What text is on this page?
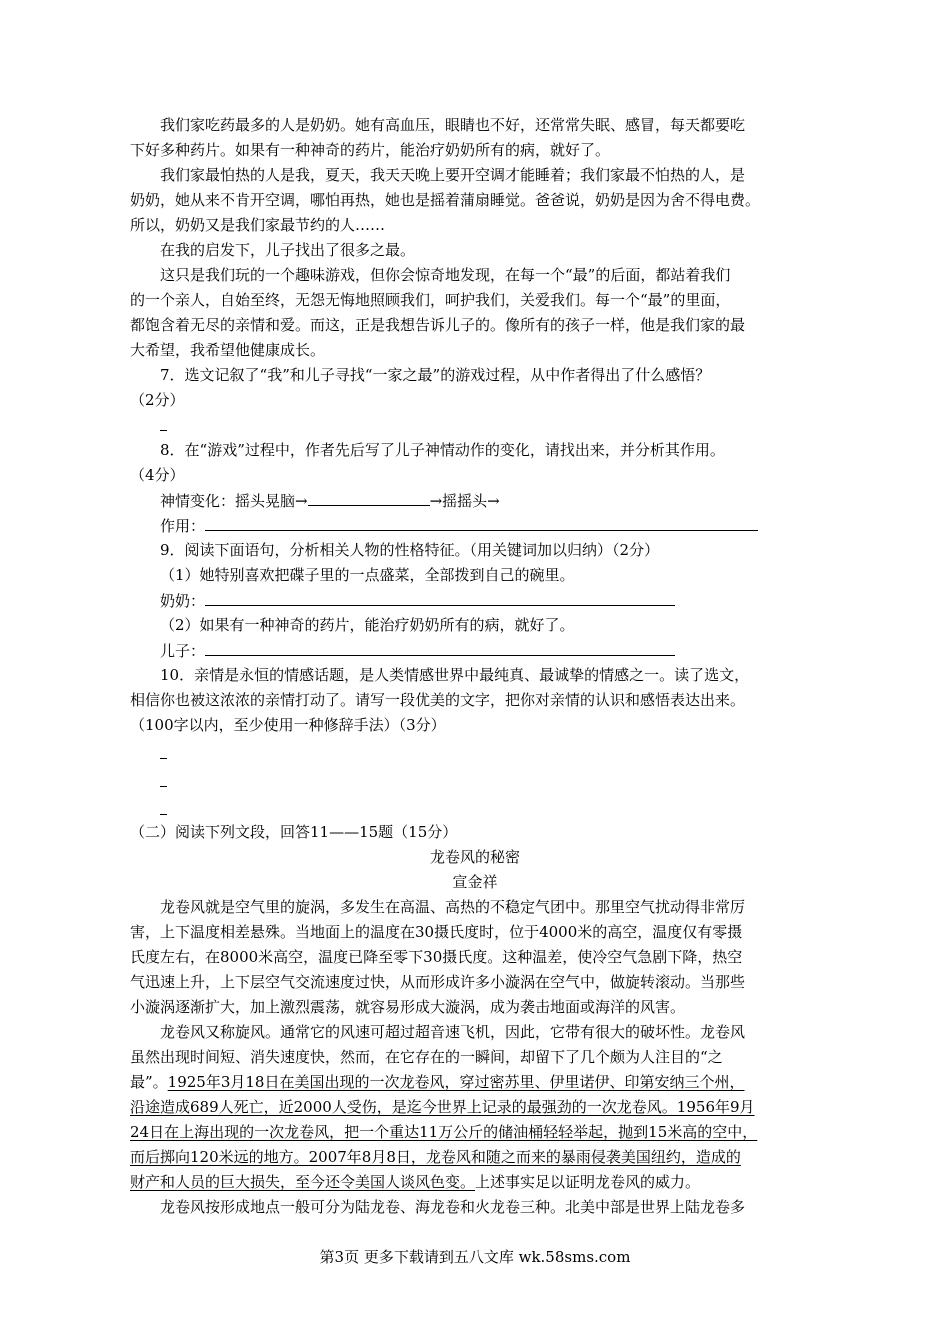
我们家吃药最多的人是奶奶。她有高血压，眼睛也不好，还常常失眠、感冒，每天都要吃
下好多种药片。如果有一种神奇的药片，能治疗奶奶所有的病，就好了。
我们家最怕热的人是我，夏天，我天天晚上要开空调才能睡着；我们家最不怕热的人，是
奶奶，她从来不肯开空调，哪怕再热，她也是摇着蒲扇睡觉。爸爸说，奶奶是因为舍不得电费。
所以，奶奶又是我们家最节约的人……
在我的启发下，儿子找出了很多之最。
这只是我们玩的一个趣味游戏，但你会惊奇地发现，在每一个“最”的后面，都站着我们
的一个亲人，自始至终，无怨无悔地照顾我们，呵护我们，关爱我们。每一个“最”的里面，
都饱含着无尽的亲情和爱。而这，正是我想告诉儿子的。像所有的孩子一样，他是我们家的最
大希望，我希望他健康成长。
7．选文记叙了“我”和儿子寻找“一家之最”的游戏过程，从中作者得出了什么感悟？
（2分）
8．在“游戏”过程中，作者先后写了儿子神情动作的变化，请找出来，并分析其作用。
（4分）
神情变化：摇头晃脑→	→摇摇头→
作用：
9．阅读下面语句，分析相关人物的性格特征。（用关键词加以归纳）（2分）
（1）她特别喜欢把碟子里的一点盛菜，全部拨到自己的碗里。
奶奶：
（2）如果有一种神奇的药片，能治疗奶奶所有的病，就好了。
儿子：
10．亲情是永恒的情感话题，是人类情感世界中最纯真、最诚挚的情感之一。读了选文，
相信你也被这浓浓的亲情打动了。请写一段优美的文字，把你对亲情的认识和感悟表达出来。
（100字以内，至少使用一种修辞手法）（3分）
（二）阅读下列文段，回答11——15题（15分）
龙卷风的秘密
宣金祥
龙卷风就是空气里的旋涡，多发生在高温、高热的不稳定气团中。那里空气扰动得非常厉
害，上下温度相差悬殊。当地面上的温度在30摄氏度时，位于4000米的高空，温度仅有零摄
氏度左右，在8000米高空，温度已降至零下30摄氏度。这种温差，使冷空气急剧下降，热空
气迅速上升，上下层空气交流速度过快，从而形成许多小漩涡在空气中，做旋转滚动。当那些
小漩涡逐渐扩大，加上激烈震荡，就容易形成大漩涡，成为袭击地面或海洋的风害。
龙卷风又称旋风。通常它的风速可超过超音速飞机，因此，它带有很大的破坏性。龙卷风
虽然出现时间短、消失速度快，然而，在它存在的一瞬间，却留下了几个颇为人注目的“之
最”。1925年3月18日在美国出现的一次龙卷风，穿过密苏里、伊里诺伊、印第安纳三个州，
沿途造成689人死亡，近2000人受伤，是迄今世界上记录的最强劲的一次龙卷风。1956年9月
24日在上海出现的一次龙卷风，把一个重达11万公斤的储油桶轻轻举起，抛到15米高的空中，
而后掷向120米远的地方。2007年8月8日，龙卷风和随之而来的暴雨侵袭美国纽约，造成的
财产和人员的巨大损失，至今还令美国人谈风色变。上述事实足以证明龙卷风的威力。
龙卷风按形成地点一般可分为陆龙卷、海龙卷和火龙卷三种。北美中部是世界上陆龙卷多
第3页 更多下载请到五八文库 wk.58sms.com
